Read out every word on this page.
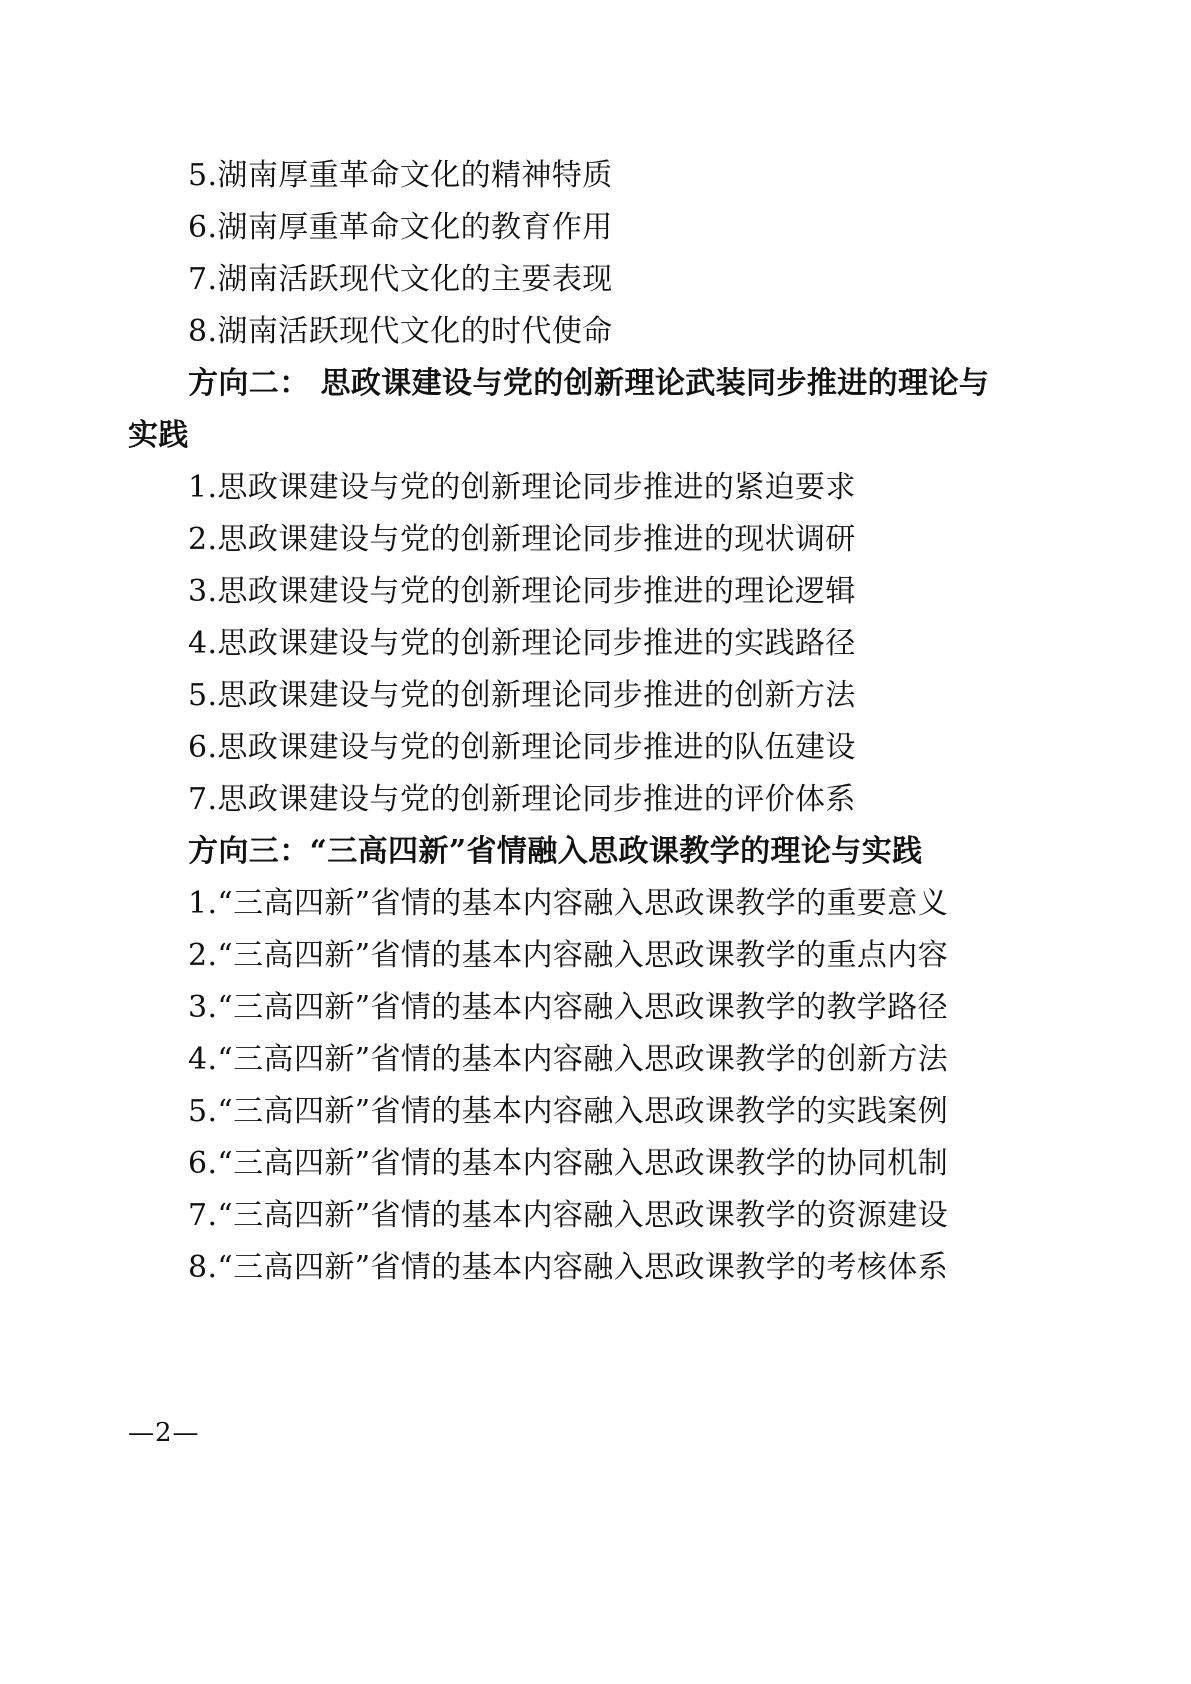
5.湖南厚重革命文化的精神特质
6.湖南厚重革命文化的教育作用
7.湖南活跃现代文化的主要表现
8.湖南活跃现代文化的时代使命
方向二： 思政课建设与党的创新理论武装同步推进的理论与
实践
1.思政课建设与党的创新理论同步推进的紧迫要求
2.思政课建设与党的创新理论同步推进的现状调研
3.思政课建设与党的创新理论同步推进的理论逻辑
4.思政课建设与党的创新理论同步推进的实践路径
5.思政课建设与党的创新理论同步推进的创新方法
6.思政课建设与党的创新理论同步推进的队伍建设
7.思政课建设与党的创新理论同步推进的评价体系
方向三：“三高四新”省情融入思政课教学的理论与实践
1.“三高四新”省情的基本内容融入思政课教学的重要意义
2.“三高四新”省情的基本内容融入思政课教学的重点内容
3.“三高四新”省情的基本内容融入思政课教学的教学路径
4.“三高四新”省情的基本内容融入思政课教学的创新方法
5.“三高四新”省情的基本内容融入思政课教学的实践案例
6.“三高四新”省情的基本内容融入思政课教学的协同机制
7.“三高四新”省情的基本内容融入思政课教学的资源建设
8.“三高四新”省情的基本内容融入思政课教学的考核体系
—2—
